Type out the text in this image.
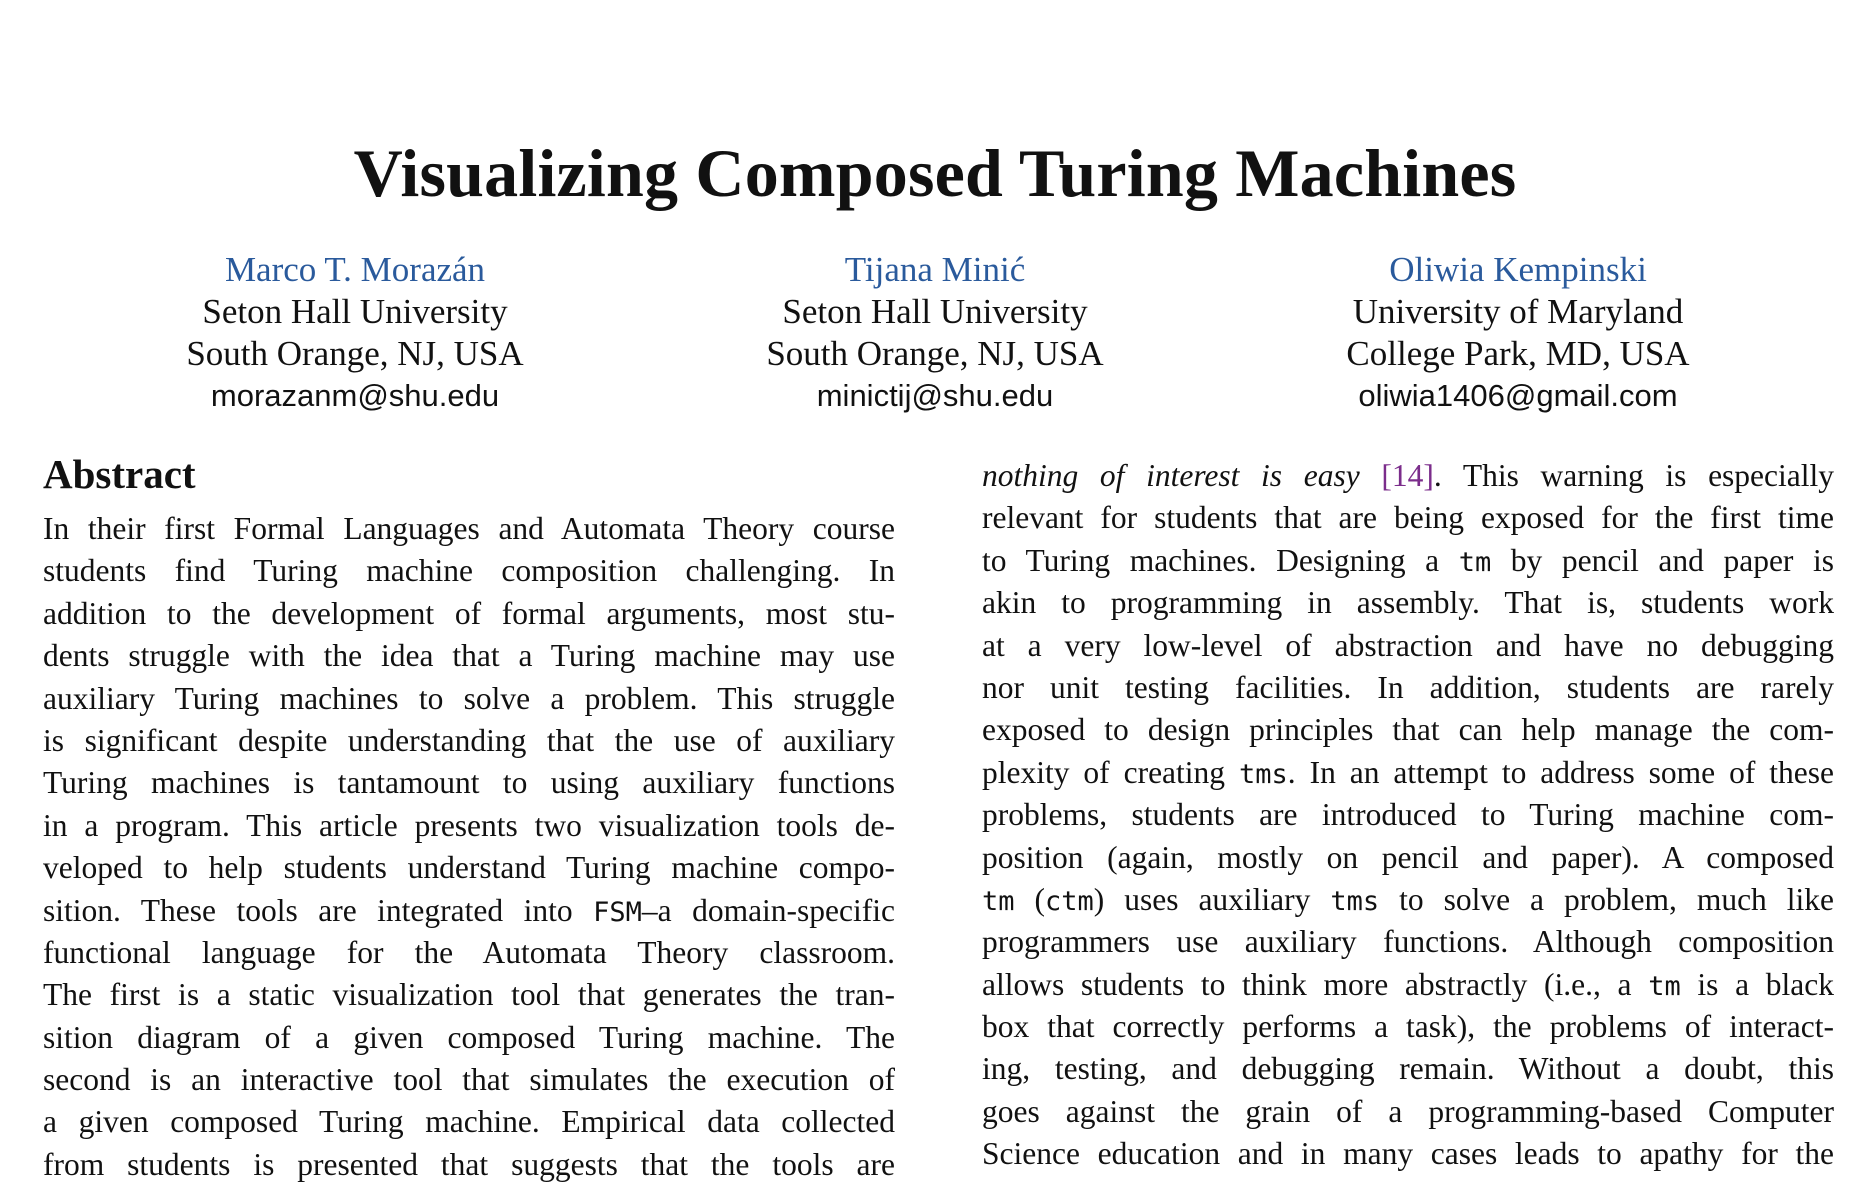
Visualizing Composed Turing Machines
Marco T. Morazán
Seton Hall University
South Orange, NJ, USA
morazanm@shu.edu
Tijana Minić
Seton Hall University
South Orange, NJ, USA
minictij@shu.edu
Oliwia Kempinski
University of Maryland
College Park, MD, USA
oliwia1406@gmail.com
Abstract
In their first Formal Languages and Automata Theory course
students find Turing machine composition challenging. In
addition to the development of formal arguments, most stu-
dents struggle with the idea that a Turing machine may use
auxiliary Turing machines to solve a problem. This struggle
is significant despite understanding that the use of auxiliary
Turing machines is tantamount to using auxiliary functions
in a program. This article presents two visualization tools de-
veloped to help students understand Turing machine compo-
sition. These tools are integrated into FSM–a domain-specific
functional language for the Automata Theory classroom.
The first is a static visualization tool that generates the tran-
sition diagram of a given composed Turing machine. The
second is an interactive tool that simulates the execution of
a given composed Turing machine. Empirical data collected
from students is presented that suggests that the tools are
nothing of interest is easy [14]. This warning is especially
relevant for students that are being exposed for the first time
to Turing machines. Designing a tm by pencil and paper is
akin to programming in assembly. That is, students work
at a very low-level of abstraction and have no debugging
nor unit testing facilities. In addition, students are rarely
exposed to design principles that can help manage the com-
plexity of creating tms. In an attempt to address some of these
problems, students are introduced to Turing machine com-
position (again, mostly on pencil and paper). A composed
tm (ctm) uses auxiliary tms to solve a problem, much like
programmers use auxiliary functions. Although composition
allows students to think more abstractly (i.e., a tm is a black
box that correctly performs a task), the problems of interact-
ing, testing, and debugging remain. Without a doubt, this
goes against the grain of a programming-based Computer
Science education and in many cases leads to apathy for the
